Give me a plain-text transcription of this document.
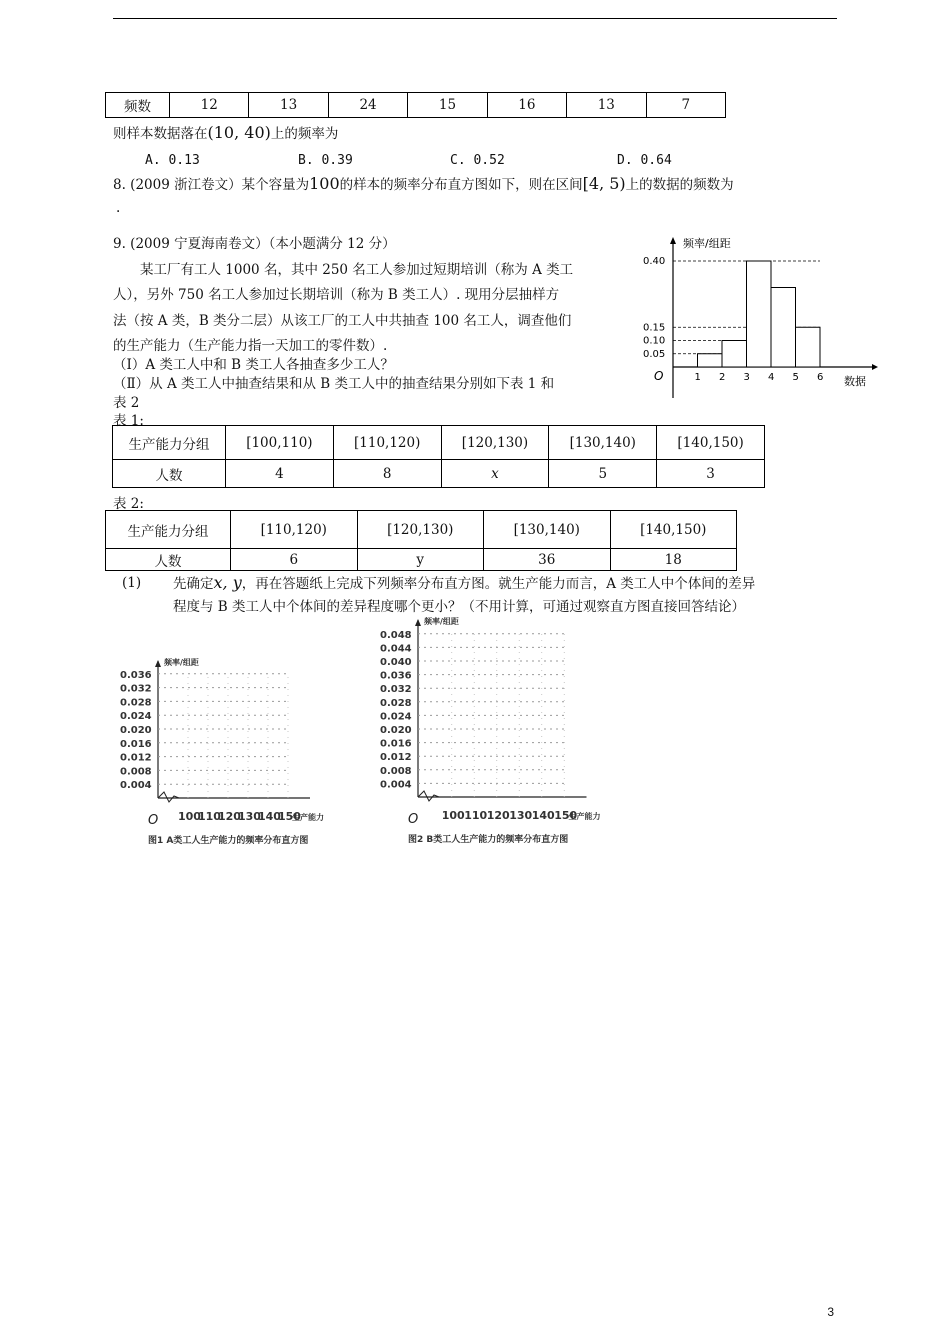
频数	12	13	24	15	16	13	7
则样本数据落在(10, 40)上的频率为
A. 0.13	B. 0.39	C. 0.52	D. 0.64
8. (2009 浙江卷文）某个容量为100的样本的频率分布直方图如下，则在区间[4, 5)上的数据的频数为
.
9. (2009 宁夏海南卷文）（本小题满分 12 分）
某工厂有工人 1000 名，其中 250 名工人参加过短期培训（称为 A 类工
人），另外 750 名工人参加过长期培训（称为 B 类工人）. 现用分层抽样方
法（按 A 类，B 类分二层）从该工厂的工人中共抽查 100 名工人，调查他们
的生产能力（生产能力指一天加工的零件数）.
（Ⅰ）A 类工人中和 B 类工人各抽查多少工人？
（Ⅱ）从 A 类工人中抽查结果和从 B 类工人中的抽查结果分别如下表 1 和
表 2
频率/组距
数据
O	1 2 3 4 5 6
0.05
0.10
0.15
0.40
表 1:
生产能力分组	[100,110)	[110,120)	[120,130)	[130,140)	[140,150)
人数	4	8	x	5	3
表 2:
生产能力分组	[110,120)	[120,130)	[130,140)	[140,150)
人数	6	y	36	18
(1) 先确定x, y，再在答题纸上完成下列频率分布直方图。就生产能力而言，A 类工人中个体间的差异
程度与 B 类工人中个体间的差异程度哪个更小？（不用计算，可通过观察直方图直接回答结论）
频率/组距
O
0.004
0.008
0.012
0.016
0.020
0.024
0.028
0.032
0.036
100
110
120
130
140
150
生产能力
图1 A类工人生产能力的频率分布直方图
频率/组距
O
0.004
0.008
0.012
0.016
0.020
0.024
0.028
0.032
0.036
0.040
0.044
0.048
100 110 120 130 140 150
生产能力
图2 B类工人生产能力的频率分布直方图
3
